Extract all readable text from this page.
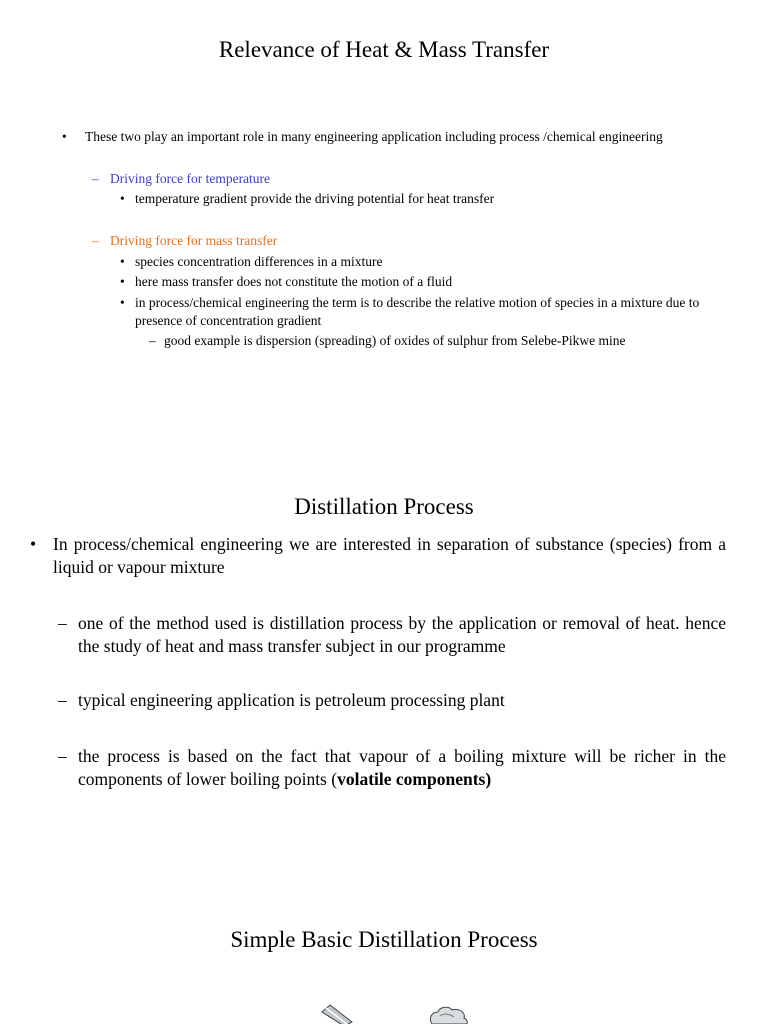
Relevance of Heat & Mass Transfer
• These two play an important role in many engineering application including process /chemical engineering
– Driving force for temperature
• temperature gradient provide the driving potential for heat transfer
– Driving force for mass transfer
• species concentration differences in a mixture
• here mass transfer does not constitute the motion of a fluid
• in process/chemical engineering the term is to describe the relative motion of species in a mixture due to presence of concentration gradient
– good example is dispersion (spreading) of oxides of sulphur from Selebe-Pikwe mine
Distillation Process
• In process/chemical engineering we are interested in separation of substance (species) from a liquid or vapour mixture
– one of the method used is distillation process by the application or removal of heat. hence the study of heat and mass transfer subject in our programme
– typical engineering application is petroleum processing plant
– the process is based on the fact that vapour of a boiling mixture will be richer in the components of lower boiling points (volatile components)
Simple Basic Distillation Process
